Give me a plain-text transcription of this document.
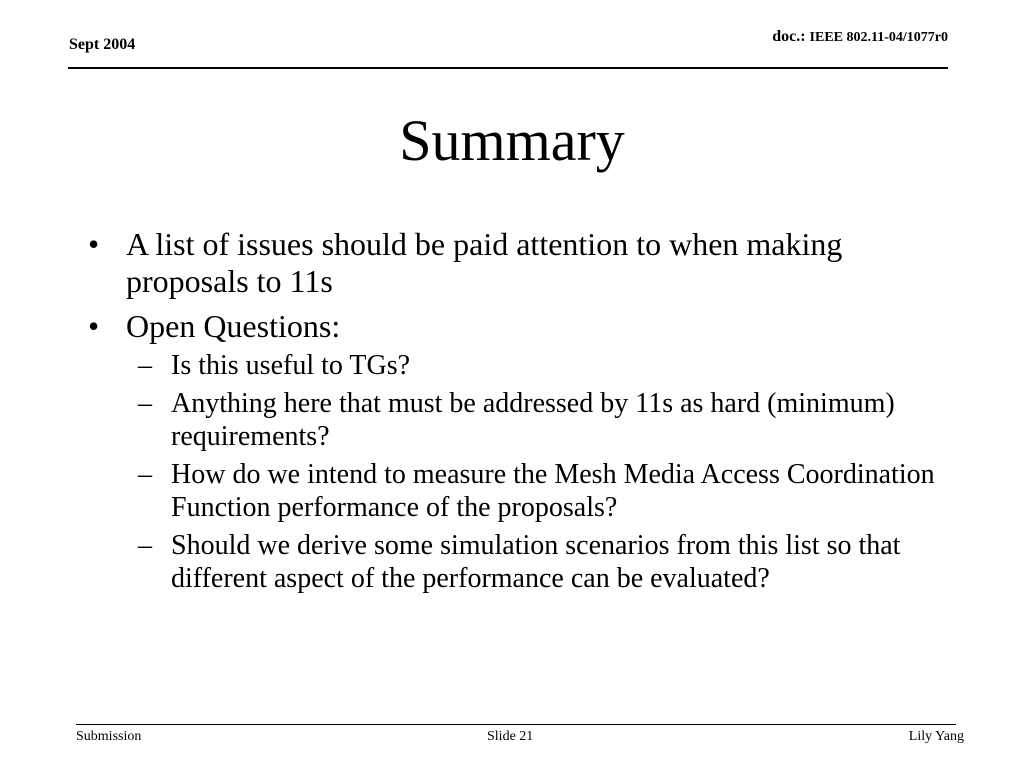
Sept 2004	doc.: IEEE 802.11-04/1077r0
Summary
• A list of issues should be paid attention to when making proposals to 11s
• Open Questions:
– Is this useful to TGs?
– Anything here that must be addressed by 11s as hard (minimum) requirements?
– How do we intend to measure the Mesh Media Access Coordination Function performance of the proposals?
– Should we derive some simulation scenarios from this list so that different aspect of the performance can be evaluated?
Submission	Slide 21	Lily Yang
